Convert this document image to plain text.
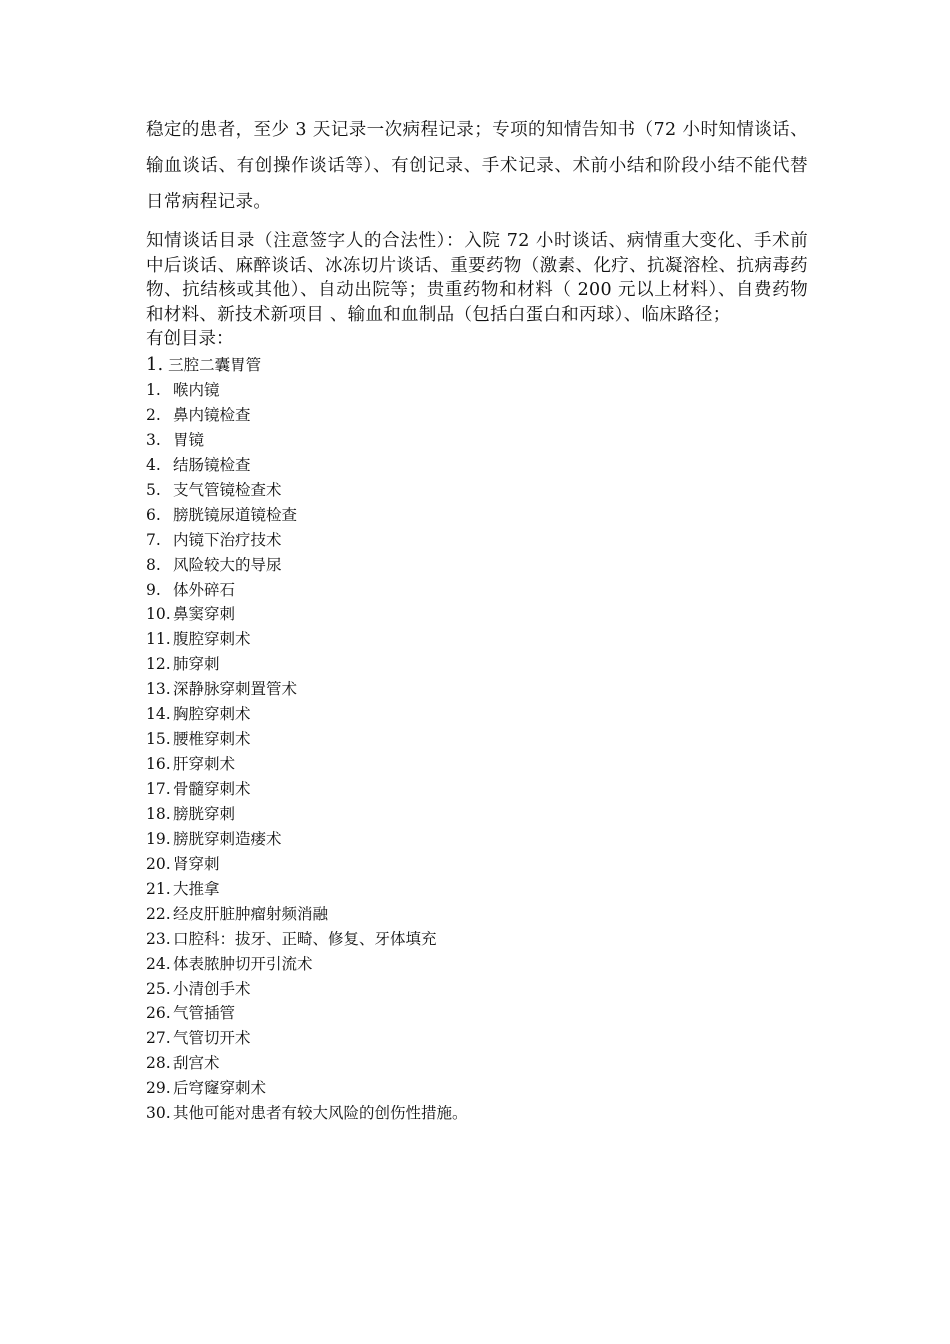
稳定的患者，至少 3 天记录一次病程记录；专项的知情告知书（72 小时知情谈话、输血谈话、有创操作谈话等）、有创记录、手术记录、术前小结和阶段小结不能代替日常病程记录。

知情谈话目录（注意签字人的合法性）：入院 72 小时谈话、病情重大变化、手术前中后谈话、麻醉谈话、冰冻切片谈话、重要药物（激素、化疗、抗凝溶栓、抗病毒药物、抗结核或其他）、自动出院等；贵重药物和材料（ 200 元以上材料）、自费药物和材料、新技术新项目 、输血和血制品（包括白蛋白和丙球）、临床路径；

有创目录：

1. 三腔二囊胃管

1. 喉内镜
2. 鼻内镜检查
3. 胃镜
4. 结肠镜检查
5. 支气管镜检查术
6. 膀胱镜尿道镜检查
7. 内镜下治疗技术
8. 风险较大的导尿
9. 体外碎石
10. 鼻窦穿刺
11. 腹腔穿刺术
12. 肺穿刺
13. 深静脉穿刺置管术
14. 胸腔穿刺术
15. 腰椎穿刺术
16. 肝穿刺术
17. 骨髓穿刺术
18. 膀胱穿刺
19. 膀胱穿刺造瘘术
20. 肾穿刺
21. 大推拿
22. 经皮肝脏肿瘤射频消融
23. 口腔科：拔牙、正畸、修复、牙体填充
24. 体表脓肿切开引流术
25. 小清创手术
26. 气管插管
27. 气管切开术
28. 刮宫术
29. 后穹窿穿刺术
30. 其他可能对患者有较大风险的创伤性措施。
